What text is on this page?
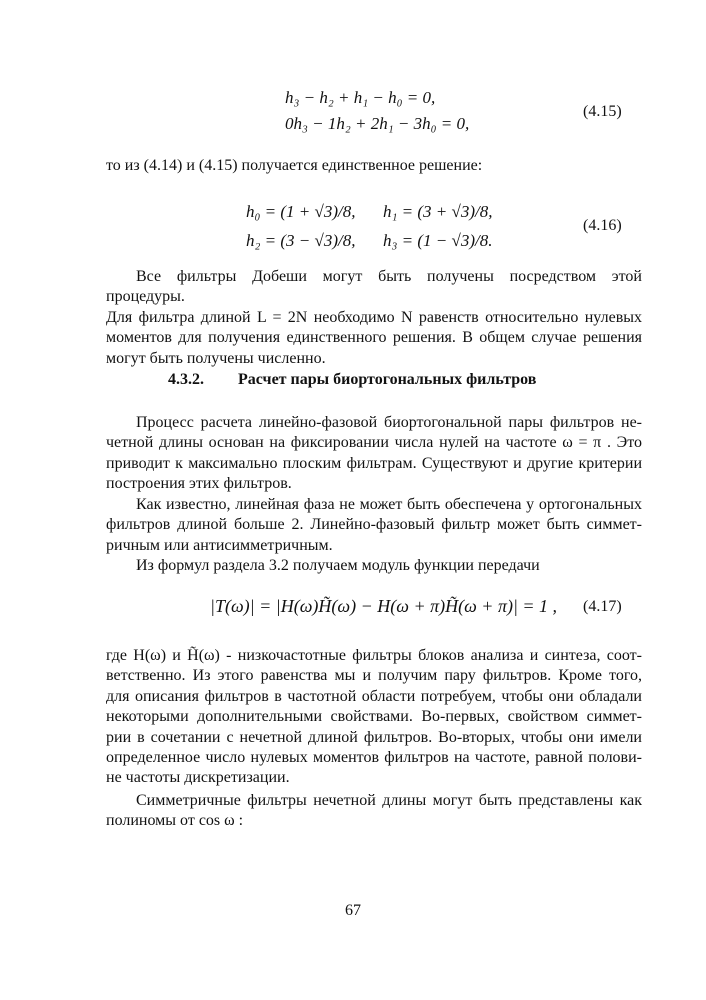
h₃ − h₂ + h₁ − h₀ = 0,
0h₃ − 1h₂ + 2h₁ − 3h₀ = 0,
(4.15)
то из (4.14) и (4.15) получается единственное решение:
h₀ = (1 + √3)/8, h₁ = (3 + √3)/8,
h₂ = (3 − √3)/8, h₃ = (1 − √3)/8.
(4.16)
Все фильтры Добеши могут быть получены посредством этой процедуры.
Для фильтра длиной L = 2N необходимо N равенств относительно нулевых
моментов для получения единственного решения. В общем случае решения
могут быть получены численно.
4.3.2. Расчет пары биортогональных фильтров
Процесс расчета линейно-фазовой биортогональной пары фильтров не-
четной длины основан на фиксировании числа нулей на частоте ω = π . Это
приводит к максимально плоским фильтрам. Существуют и другие критерии
построения этих фильтров.
Как известно, линейная фаза не может быть обеспечена у ортогональных
фильтров длиной больше 2. Линейно-фазовый фильтр может быть симмет-
ричным или антисимметричным.
Из формул раздела 3.2 получаем модуль функции передачи
|T(ω)| = |H(ω)H̃(ω) − H(ω + π)H̃(ω + π)| = 1 , (4.17)
где H(ω) и H̃(ω) - низкочастотные фильтры блоков анализа и синтеза, соот-
ветственно. Из этого равенства мы и получим пару фильтров. Кроме того,
для описания фильтров в частотной области потребуем, чтобы они обладали
некоторыми дополнительными свойствами. Во-первых, свойством симмет-
рии в сочетании с нечетной длиной фильтров. Во-вторых, чтобы они имели
определенное число нулевых моментов фильтров на частоте, равной полови-
не частоты дискретизации.
Симметричные фильтры нечетной длины могут быть представлены как
полиномы от cos ω :
67
